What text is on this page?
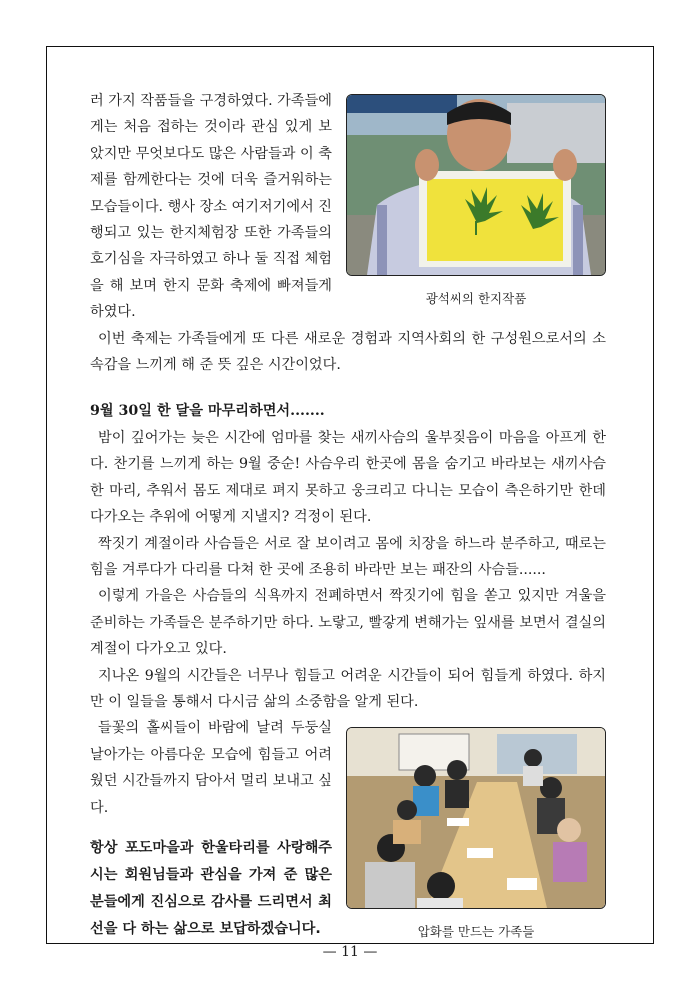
광석씨의 한지작품

러 가지 작품들을 구경하였다. 가족들에게는 처음 접하는 것이라 관심 있게 보았지만 무엇보다도 많은 사람들과 이 축제를 함께한다는 것에 더욱 즐거워하는 모습들이다. 행사 장소 여기저기에서 진행되고 있는 한지체험장 또한 가족들의 호기심을 자극하였고 하나 둘 직접 체험을 해 보며 한지 문화 축제에 빠져들게 하였다.

이번 축제는 가족들에게 또 다른 새로운 경험과 지역사회의 한 구성원으로서의 소속감을 느끼게 해 준 뜻 깊은 시간이었다.

9월 30일 한 달을 마무리하면서.......

밤이 깊어가는 늦은 시간에 엄마를 찾는 새끼사슴의 울부짖음이 마음을 아프게 한다. 찬기를 느끼게 하는 9월 중순! 사슴우리 한곳에 몸을 숨기고 바라보는 새끼사슴 한 마리, 추워서 몸도 제대로 펴지 못하고 웅크리고 다니는 모습이 측은하기만 한데 다가오는 추위에 어떻게 지낼지? 걱정이 된다.

짝짓기 계절이라 사슴들은 서로 잘 보이려고 몸에 치장을 하느라 분주하고, 때로는 힘을 겨루다가 다리를 다쳐 한 곳에 조용히 바라만 보는 패잔의 사슴들......

이렇게 가을은 사슴들의 식욕까지 전폐하면서 짝짓기에 힘을 쏟고 있지만 겨울을 준비하는 가족들은 분주하기만 하다. 노랗고, 빨갛게 변해가는 잎새를 보면서 결실의 계절이 다가오고 있다.

지나온 9월의 시간들은 너무나 힘들고 어려운 시간들이 되어 힘들게 하였다. 하지만 이 일들을 통해서 다시금 삶의 소중함을 알게 된다.

압화를 만드는 가족들

들꽃의 홀씨들이 바람에 날려 두둥실 날아가는 아름다운 모습에 힘들고 어려웠던 시간들까지 담아서 멀리 보내고 싶다.

항상 포도마을과 한울타리를 사랑해주시는 회원님들과 관심을 가져 준 많은 분들에게 진심으로 감사를 드리면서 최선을 다 하는 삶으로 보답하겠습니다.

— 11 —
